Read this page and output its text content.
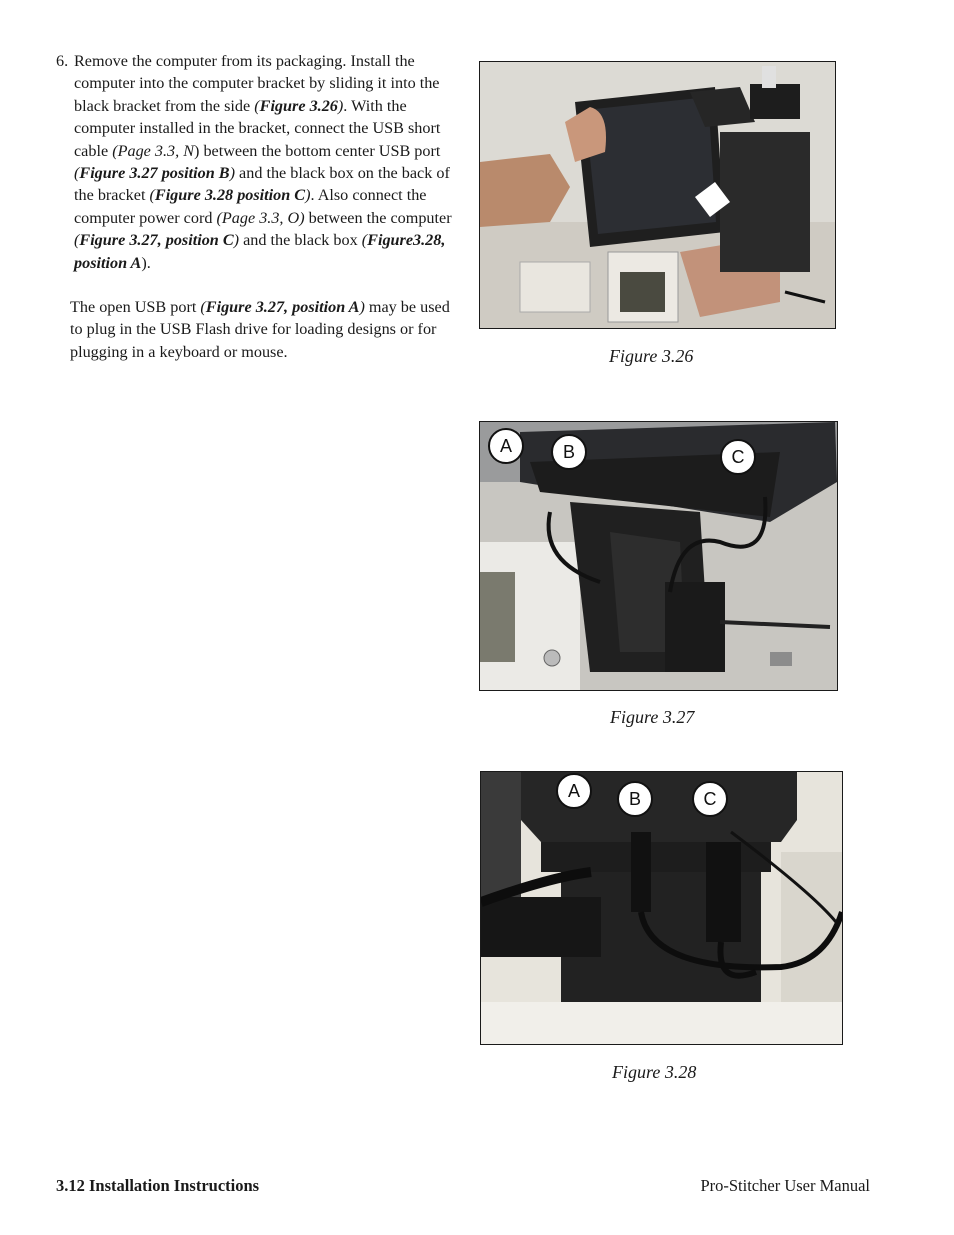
6. Remove the computer from its packaging. Install the computer into the computer bracket by sliding it into the black bracket from the side (Figure 3.26). With the computer installed in the bracket, connect the USB short cable (Page 3.3, N) between the bottom center USB port (Figure 3.27 position B) and the black box on the back of the bracket (Figure 3.28 position C). Also connect the computer power cord (Page 3.3, O) between the computer (Figure 3.27, position C) and the black box (Figure3.28, position A).
The open USB port (Figure 3.27, position A) may be used to plug in the USB Flash drive for loading designs or for plugging in a keyboard or mouse.	Figure 3.26
A	B	C
Figure 3.27
A	B	C
Figure 3.28
3.12 Installation Instructions	Pro-Stitcher User Manual
